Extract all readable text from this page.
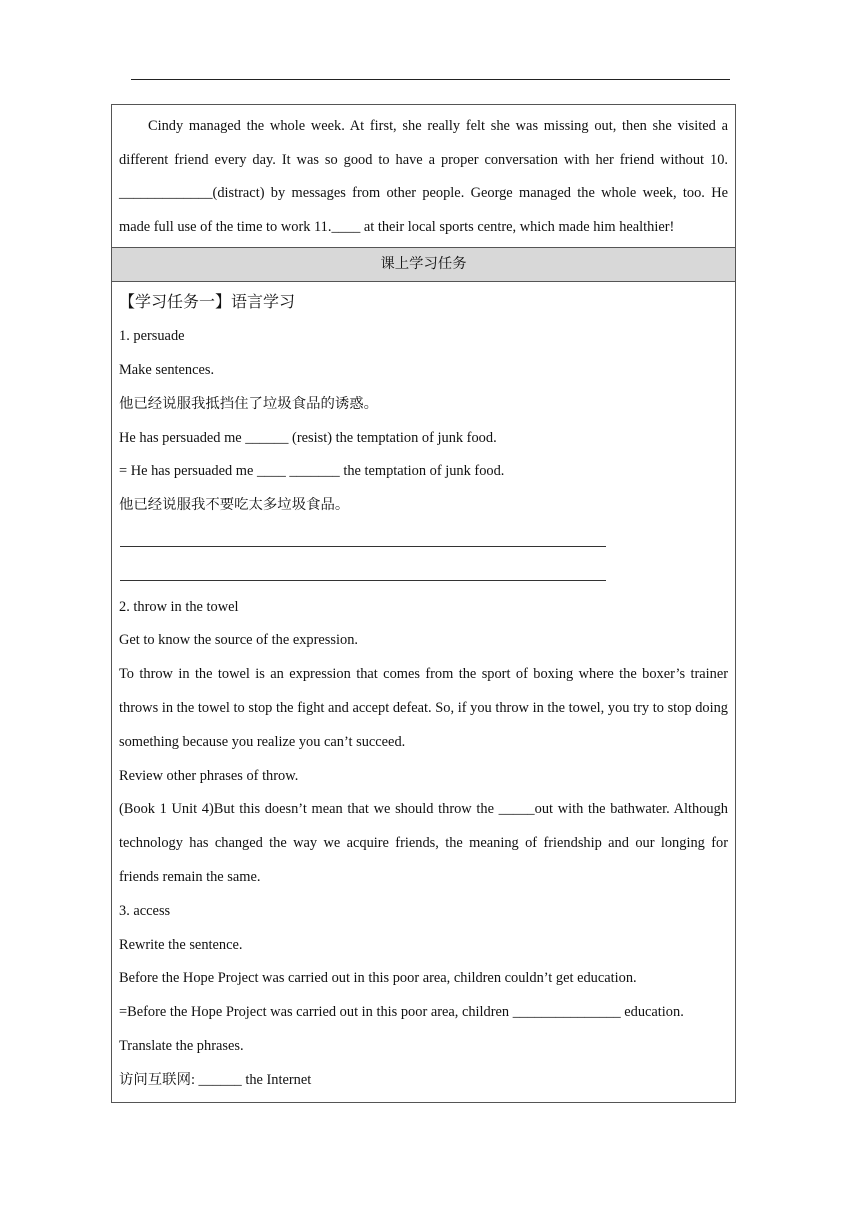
Cindy managed the whole week. At first, she really felt she was missing out, then she visited a different friend every day. It was so good to have a proper conversation with her friend without 10. _____________(distract) by messages from other people. George managed the whole week, too. He made full use of the time to work 11.____ at their local sports centre, which made him healthier!

课上学习任务

【学习任务一】语言学习

1. persuade

Make sentences.

他已经说服我抵挡住了垃圾食品的诱惑。

He has persuaded me ______ (resist) the temptation of junk food.

= He has persuaded me ____ _______ the temptation of junk food.

他已经说服我不要吃太多垃圾食品。

2. throw in the towel

Get to know the source of the expression.

To throw in the towel is an expression that comes from the sport of boxing where the boxer’s trainer throws in the towel to stop the fight and accept defeat. So, if you throw in the towel, you try to stop doing something because you realize you can’t succeed.

Review other phrases of throw.

(Book 1 Unit 4)But this doesn’t mean that we should throw the _____out with the bathwater. Although technology has changed the way we acquire friends, the meaning of friendship and our longing for friends remain the same.

3. access

Rewrite the sentence.

Before the Hope Project was carried out in this poor area, children couldn’t get education.

=Before the Hope Project was carried out in this poor area, children _______________ education.

Translate the phrases.

访问互联网: ______ the Internet
